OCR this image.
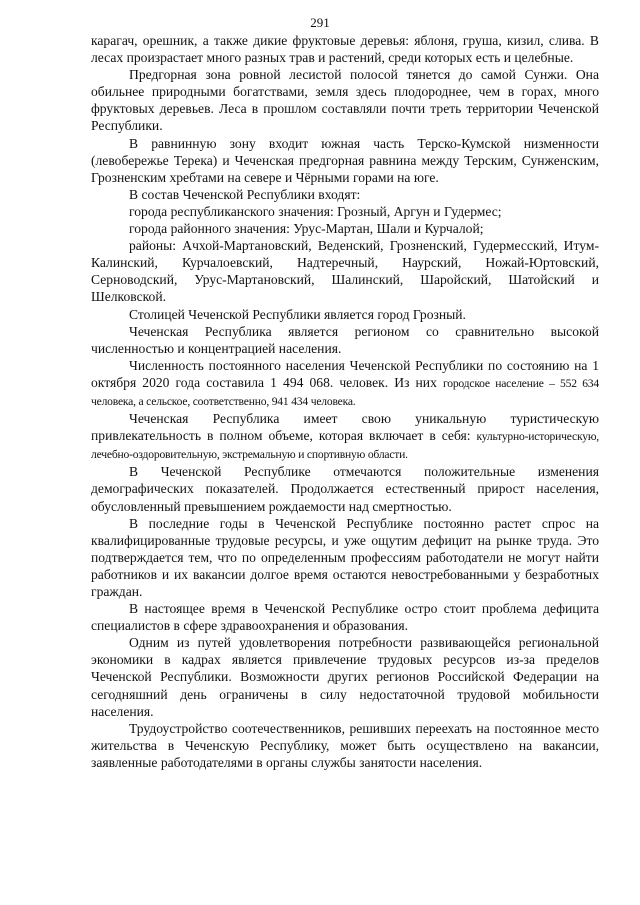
291

карагач, орешник, а также дикие фруктовые деревья: яблоня, груша, кизил, слива. В лесах произрастает много разных трав и растений, среди которых есть и целебные.

Предгорная зона ровной лесистой полосой тянется до самой Сунжи. Она обильнее природными богатствами, земля здесь плодороднее, чем в горах, много фруктовых деревьев. Леса в прошлом составляли почти треть территории Чеченской Республики.

В равнинную зону входит южная часть Терско-Кумской низменности (левобережье Терека) и Чеченская предгорная равнина между Терским, Сунженским, Грозненским хребтами на севере и Чёрными горами на юге.

В состав Чеченской Республики входят:

города республиканского значения: Грозный, Аргун и Гудермес;

города районного значения: Урус-Мартан, Шали и Курчалой;

районы: Ачхой-Мартановский, Веденский, Грозненский, Гудермесский, Итум-Калинский, Курчалоевский, Надтеречный, Наурский, Ножай-Юртовский, Серноводский, Урус-Мартановский, Шалинский, Шаройский, Шатойский и Шелковской.

Столицей Чеченской Республики является город Грозный.

Чеченская Республика является регионом со сравнительно высокой численностью и концентрацией населения.

Численность постоянного населения Чеченской Республики по состоянию на 1 октября 2020 года составила 1 494 068. человек. Из них городское население – 552 634 человека, а сельское, соответственно, 941 434 человека.

Чеченская Республика имеет свою уникальную туристическую привлекательность в полном объеме, которая включает в себя: культурно-историческую, лечебно-оздоровительную, экстремальную и спортивную области.

В Чеченской Республике отмечаются положительные изменения демографических показателей. Продолжается естественный прирост населения, обусловленный превышением рождаемости над смертностью.

В последние годы в Чеченской Республике постоянно растет спрос на квалифицированные трудовые ресурсы, и уже ощутим дефицит на рынке труда. Это подтверждается тем, что по определенным профессиям работодатели не могут найти работников и их вакансии долгое время остаются невостребованными у безработных граждан.

В настоящее время в Чеченской Республике остро стоит проблема дефицита специалистов в сфере здравоохранения и образования.

Одним из путей удовлетворения потребности развивающейся региональной экономики в кадрах является привлечение трудовых ресурсов из-за пределов Чеченской Республики. Возможности других регионов Российской Федерации на сегодняшний день ограничены в силу недостаточной трудовой мобильности населения.

Трудоустройство соотечественников, решивших переехать на постоянное место жительства в Чеченскую Республику, может быть осуществлено на вакансии, заявленные работодателями в органы службы занятости населения.
